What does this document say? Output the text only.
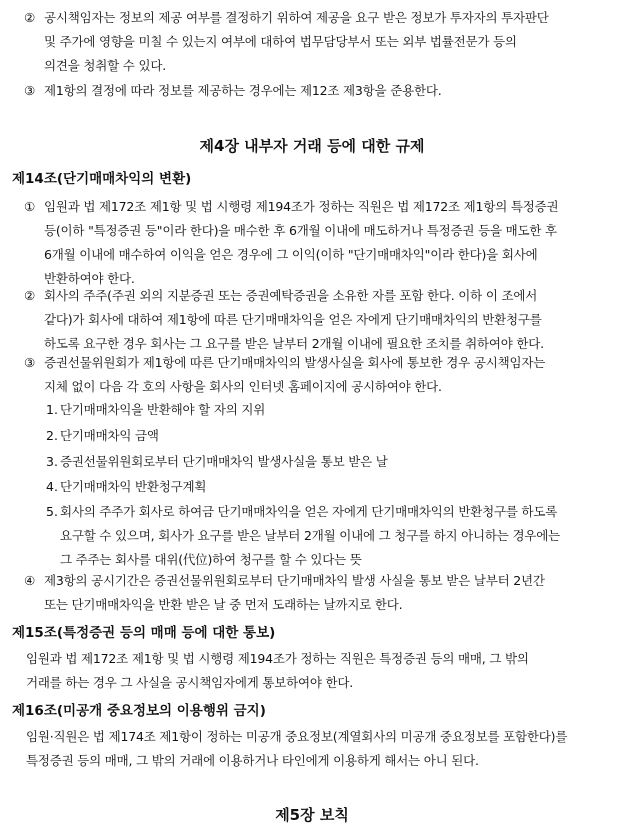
② 공시책임자는 정보의 제공 여부를 결정하기 위하여 제공을 요구 받은 정보가 투자자의 투자판단
및 주가에 영향을 미칠 수 있는지 여부에 대하여 법무담당부서 또는 외부 법률전문가 등의
의견을 청취할 수 있다.
③ 제1항의 결정에 따라 정보를 제공하는 경우에는 제12조 제3항을 준용한다.
제4장 내부자 거래 등에 대한 규제
제14조(단기매매차익의 변환)
① 임원과 법 제172조 제1항 및 법 시행령 제194조가 정하는 직원은 법 제172조 제1항의 특정증권
등(이하 "특정증권 등"이라 한다)을 매수한 후 6개월 이내에 매도하거나 특정증권 등을 매도한 후
6개월 이내에 매수하여 이익을 얻은 경우에 그 이익(이하 "단기매매차익"이라 한다)을 회사에
반환하여야 한다.
② 회사의 주주(주권 외의 지분증권 또는 증권예탁증권을 소유한 자를 포함 한다. 이하 이 조에서
같다)가 회사에 대하여 제1항에 따른 단기매매차익을 얻은 자에게 단기매매차익의 반환청구를
하도록 요구한 경우 회사는 그 요구를 받은 날부터 2개월 이내에 필요한 조치를 취하여야 한다.
③ 증권선물위원회가 제1항에 따른 단기매매차익의 발생사실을 회사에 통보한 경우 공시책임자는
지체 없이 다음 각 호의 사항을 회사의 인터넷 홈페이지에 공시하여야 한다.
1. 단기매매차익을 반환해야 할 자의 지위
2. 단기매매차익 금액
3. 증권선물위원회로부터 단기매매차익 발생사실을 통보 받은 날
4. 단기매매차익 반환청구계획
5. 회사의 주주가 회사로 하여금 단기매매차익을 얻은 자에게 단기매매차익의 반환청구를 하도록
요구할 수 있으며, 회사가 요구를 받은 날부터 2개월 이내에 그 청구를 하지 아니하는 경우에는
그 주주는 회사를 대위(代位)하여 청구를 할 수 있다는 뜻
④ 제3항의 공시기간은 증권선물위원회로부터 단기매매차익 발생 사실을 통보 받은 날부터 2년간
또는 단기매매차익을 반환 받은 날 중 먼저 도래하는 날까지로 한다.
제15조(특정증권 등의 매매 등에 대한 통보)
임원과 법 제172조 제1항 및 법 시행령 제194조가 정하는 직원은 특정증권 등의 매매, 그 밖의
거래를 하는 경우 그 사실을 공시책임자에게 통보하여야 한다.
제16조(미공개 중요정보의 이용행위 금지)
임원·직원은 법 제174조 제1항이 정하는 미공개 중요정보(계열회사의 미공개 중요정보를 포함한다)를
특정증권 등의 매매, 그 밖의 거래에 이용하거나 타인에게 이용하게 해서는 아니 된다.
제5장 보칙
